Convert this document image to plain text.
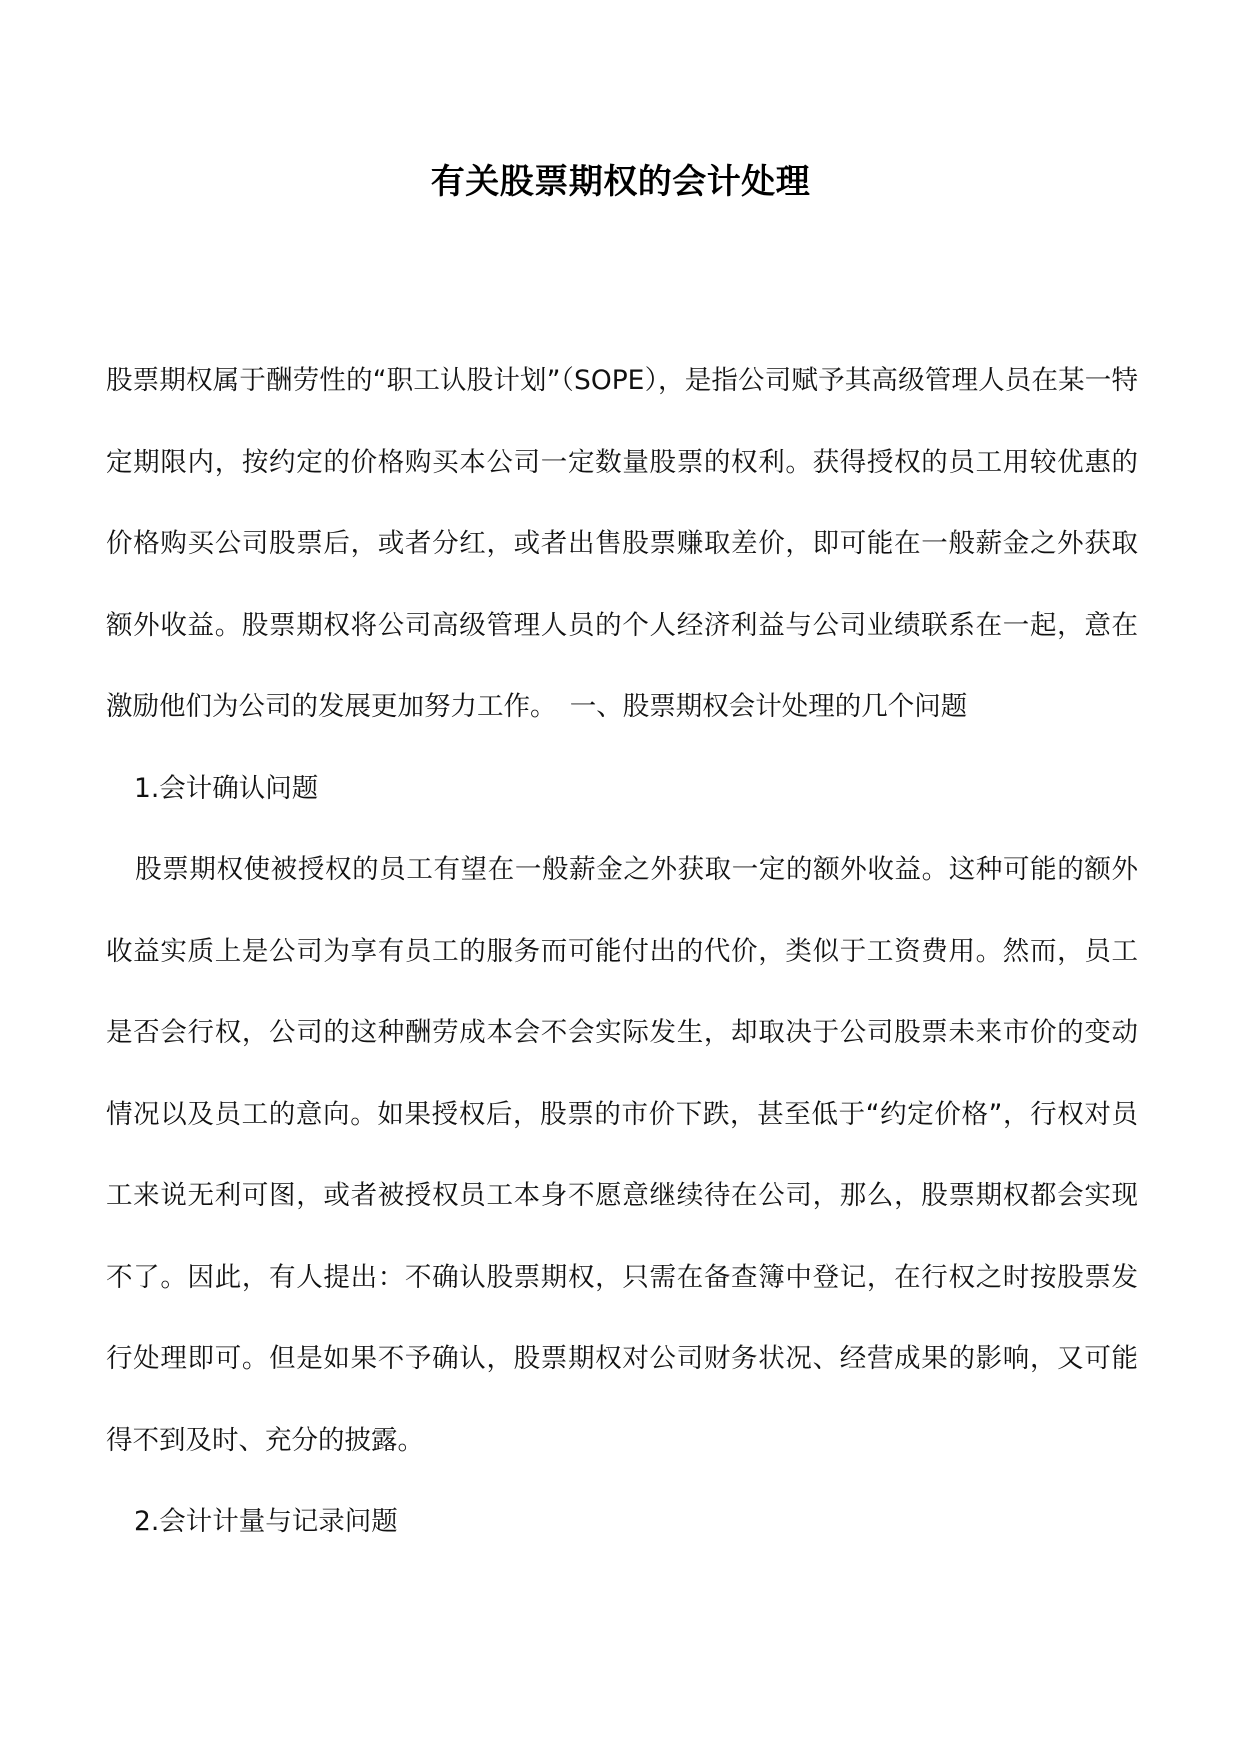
有关股票期权的会计处理

股票期权属于酬劳性的“职工认股计划”（SOPE），是指公司赋予其高级管理人员在某一特定期限内，按约定的价格购买本公司一定数量股票的权利。获得授权的员工用较优惠的价格购买公司股票后，或者分红，或者出售股票赚取差价，即可能在一般薪金之外获取额外收益。股票期权将公司高级管理人员的个人经济利益与公司业绩联系在一起，意在激励他们为公司的发展更加努力工作。　一、股票期权会计处理的几个问题

1.会计确认问题

股票期权使被授权的员工有望在一般薪金之外获取一定的额外收益。这种可能的额外收益实质上是公司为享有员工的服务而可能付出的代价，类似于工资费用。然而，员工是否会行权，公司的这种酬劳成本会不会实际发生，却取决于公司股票未来市价的变动情况以及员工的意向。如果授权后，股票的市价下跌，甚至低于“约定价格”，行权对员工来说无利可图，或者被授权员工本身不愿意继续待在公司，那么，股票期权都会实现不了。因此，有人提出：不确认股票期权，只需在备查簿中登记，在行权之时按股票发行处理即可。但是如果不予确认，股票期权对公司财务状况、经营成果的影响，又可能得不到及时、充分的披露。

2.会计计量与记录问题
